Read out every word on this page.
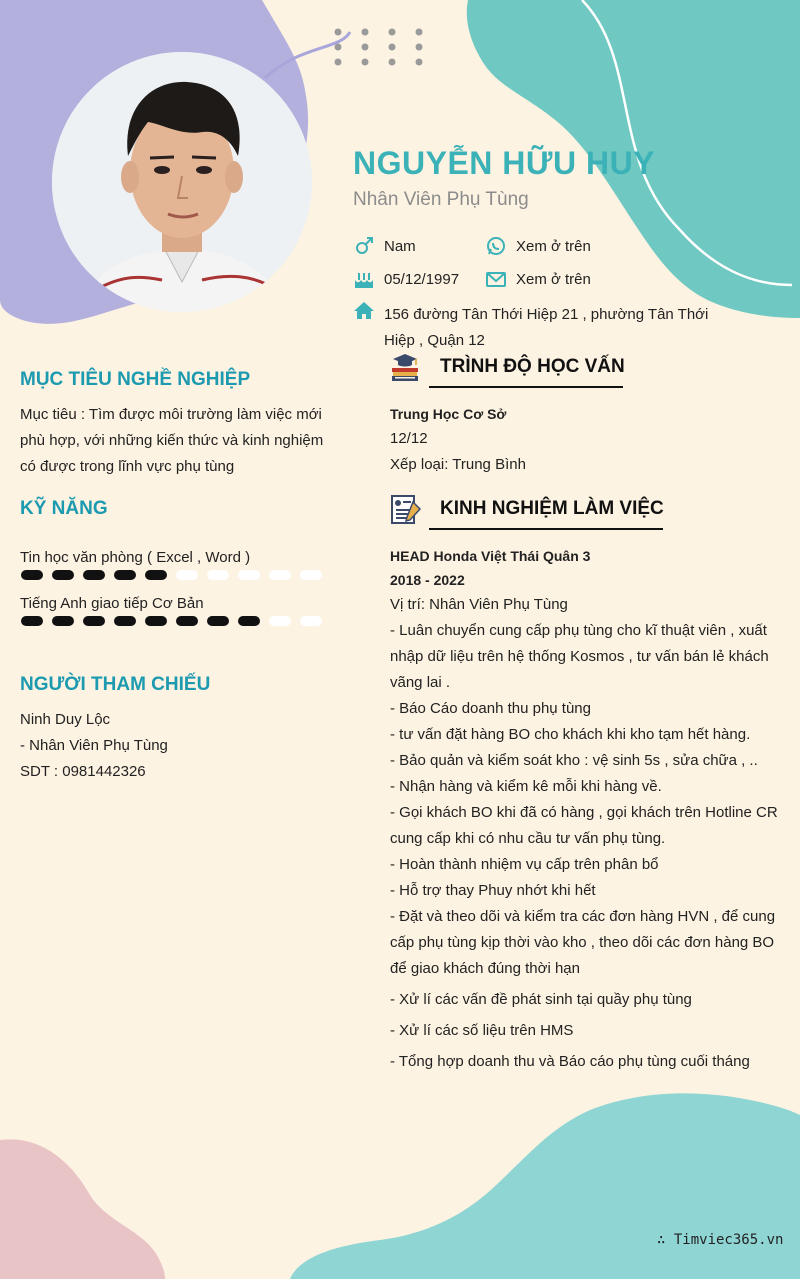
NGUYỄN HỮU HUY
Nhân Viên Phụ Tùng
Nam	Xem ở trên
05/12/1997	Xem ở trên
156 đường Tân Thới Hiệp 21 , phường Tân Thới Hiệp , Quận 12
MỤC TIÊU NGHỀ NGHIỆP
Mục tiêu : Tìm được môi trường làm việc mới phù hợp, với những kiến thức và kinh nghiệm có được trong lĩnh vực phụ tùng
KỸ NĂNG
Tin học văn phòng ( Excel , Word )
Tiếng Anh giao tiếp Cơ Bản
NGƯỜI THAM CHIẾU
Ninh Duy Lộc
- Nhân Viên Phụ Tùng
SDT : 0981442326
TRÌNH ĐỘ HỌC VẤN
Trung Học Cơ Sở
12/12
Xếp loại: Trung Bình
KINH NGHIỆM LÀM VIỆC
HEAD Honda Việt Thái Quân 3
2018 - 2022
Vị trí: Nhân Viên Phụ Tùng
- Luân chuyển cung cấp phụ tùng cho kĩ thuật viên , xuất nhập dữ liệu trên hệ thống Kosmos , tư vấn bán lẻ khách vãng lai .
- Báo Cáo doanh thu phụ tùng
- tư vấn đặt hàng BO cho khách khi kho tạm hết hàng.
- Bảo quản và kiểm soát kho : vệ sinh 5s , sửa chữa , ..
- Nhận hàng và kiểm kê mỗi khi hàng về.
- Gọi khách BO khi đã có hàng , gọi khách trên Hotline CR cung cấp khi có nhu cầu tư vấn phụ tùng.
- Hoàn thành nhiệm vụ cấp trên phân bổ
- Hỗ trợ thay Phuy nhớt khi hết
- Đặt và theo dõi và kiểm tra các đơn hàng HVN , để cung cấp phụ tùng kịp thời vào kho , theo dõi các đơn hàng BO để giao khách đúng thời hạn
- Xử lí các vấn đề phát sinh tại quầy phụ tùng
- Xử lí các số liệu trên HMS
- Tổng hợp doanh thu và Báo cáo phụ tùng cuối tháng
∴ Timviec365.vn
